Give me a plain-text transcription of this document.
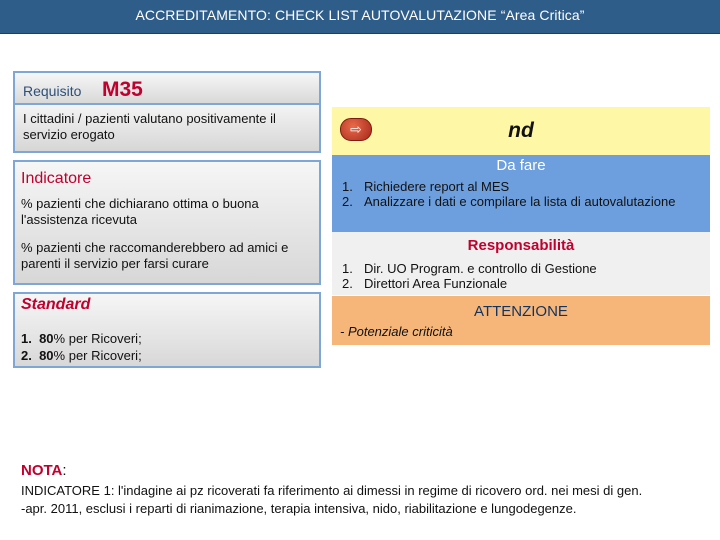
ACCREDITAMENTO: CHECK LIST AUTOVALUTAZIONE “Area Critica”
Requisito M35
I cittadini / pazienti valutano positivamente il servizio erogato
Indicatore
% pazienti che dichiarano ottima o buona l'assistenza ricevuta
% pazienti che raccomanderebbero ad amici e parenti il servizio per farsi curare
Standard
1. 80% per Ricoveri;
2. 80% per Ricoveri;
nd
⇨
Da fare
1. Richiedere report al MES
2. Analizzare i dati e compilare la lista di autovalutazione
Responsabilità
1. Dir. UO Program. e controllo di Gestione
2. Direttori Area Funzionale
ATTENZIONE
- Potenziale criticità
NOTA:
INDICATORE 1: l'indagine ai pz ricoverati fa riferimento ai dimessi in regime di ricovero ord. nei mesi di gen.
-apr. 2011, esclusi i reparti di rianimazione, terapia intensiva, nido, riabilitazione e lungodegenze.
